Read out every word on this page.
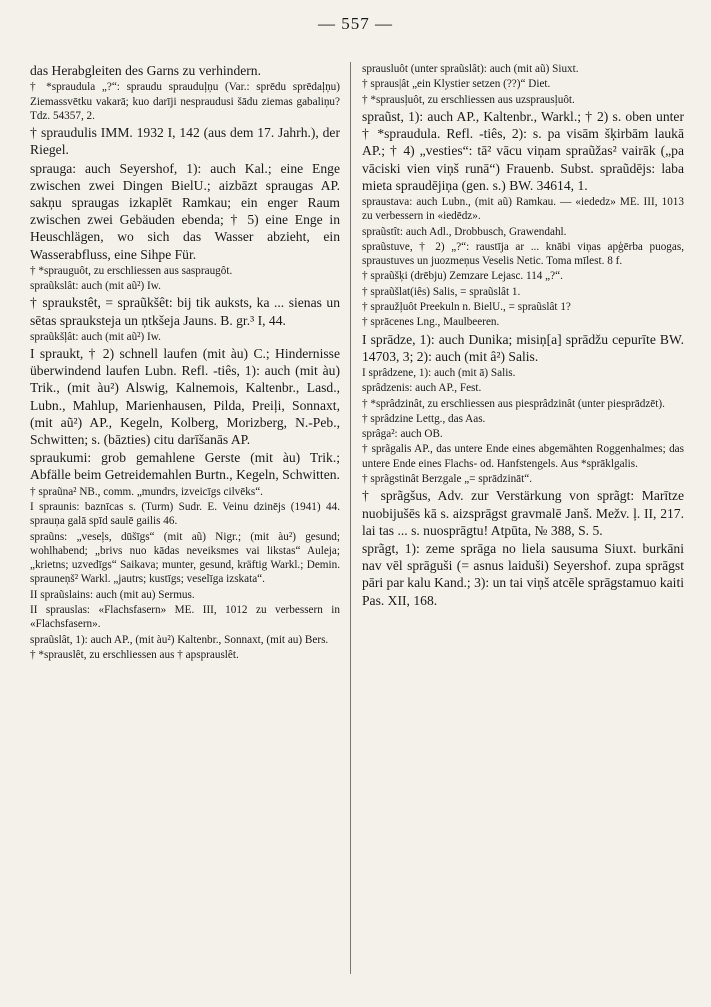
— 557 —
das Herabgleiten des Garns zu verhindern.
† *spraudula „?“: spraudu sprauduļņu (Var.: sprēdu sprēdaļņu) Ziemassvētku vakarā; kuo darīji nespraudusi šādu ziemas gabaliņu? Tdz. 54357, 2.
† spraudulis IMM. 1932 I, 142 (aus dem 17. Jahrh.), der Riegel.
sprauga: auch Seyershof, 1): auch Kal.; eine Enge zwischen zwei Dingen BielU.; aizbāzt spraugas AP. sakņu spraugas izkaplēt Ramkau; ein enger Raum zwischen zwei Gebäuden ebenda; † 5) eine Enge in Heuschlägen, wo sich das Wasser abzieht, ein Wasserabfluss, eine Sihpe Für.
† *sprauguôt, zu erschliessen aus saspraugôt.
spraũkslât: auch (mit aũ²) Iw.
† spraukstêt, = spraũkšêt: bij tik auksts, ka ... sienas un sētas sprauksteja un ņtkšeja Jauns. B. gr.³ I, 44.
spraũkšļât: auch (mit aũ²) Iw.
I spraukt, † 2) schnell laufen (mit àu) C.; Hindernisse überwindend laufen Lubn. Refl. -tiês, 1): auch (mit àu) Trik., (mit àu²) Alswig, Kalnemois, Kaltenbr., Lasd., Lubn., Mahlup, Marienhausen, Pilda, Preiļi, Sonnaxt, (mit aũ²) AP., Kegeln, Kolberg, Morizberg, N.-Peb., Schwitten; s. (bāzties) citu darīšanās AP.
spraukumi: grob gemahlene Gerste (mit àu) Trik.; Abfälle beim Getreidemahlen Burtn., Kegeln, Schwitten.
† spraũna² NB., comm. „mundrs, izveicīgs cilvēks“.
I spraunis: baznīcas s. (Turm) Sudr. E. Veinu dzinējs (1941) 44. sprauņa galā spīd saulē gailis 46.
spraũns: „veseļs, dūšīgs“ (mit aũ) Nigr.; (mit àu²) gesund; wohlhabend; „brivs nuo kādas neveiksmes vai likstas“ Auleja; „krietns; uzvedīgs“ Saikava; munter, gesund, kräftig Warkl.; Demin. sprauneņš² Warkl. „jautrs; kustīgs; veselīga izskata“.
II spraũslains: auch (mit au) Sermus.
II sprauslas: «Flachsfasern» ME. III, 1012 zu verbessern in «Flachsfasern».
spraũslât, 1): auch AP., (mit àu²) Kaltenbr., Sonnaxt, (mit au) Bers.
† *sprauslêt, zu erschliessen aus † apsprauslêt.
sprausluôt (unter spraũslât): auch (mit aũ) Siuxt.
† spraus|ât „ein Klystier setzen (??)“ Diet.
† *sprausļuôt, zu erschliessen aus uzsprausļuôt.
spraũst, 1): auch AP., Kaltenbr., Warkl.; † 2) s. oben unter † *spraudula. Refl. -tiês, 2): s. pa visām šķirbām laukā AP.; † 4) „vesties“: tā² vācu viņam spraũžas² vairāk („pa vāciski vien viņš runā“) Frauenb. Subst. spraũdējs: laba mieta spraudējiņa (gen. s.) BW. 34614, 1.
spraustava: auch Lubn., (mit aũ) Ramkau. — «iededz» ME. III, 1013 zu verbessern in «iedēdz».
spraũstît: auch Adl., Drobbusch, Grawendahl.
spraũstuve, † 2) „?“: raustīja ar ... knābi viņas apģērba puogas, spraustuves un juozmeņus Veselis Netic. Toma mīlest. 8 f.
† spraũšķi (drēbju) Zemzare Lejasc. 114 „?“.
† spraũšlat(iês) Salis, = spraũslât 1.
† spraužļuôt Preekuln n. BielU., = spraũslât 1?
† sprācenes Lng., Maulbeeren.
I sprādze, 1): auch Dunika; misiņ[a] sprādžu cepurīte BW. 14703, 3; 2): auch (mit â²) Salis.
I sprâdzene, 1): auch (mit ā) Salis.
sprâdzenis: auch AP., Fest.
† *sprâdzinât, zu erschliessen aus piesprâdzinât (unter piesprādzēt).
† sprâdzine Lettg., das Aas.
sprâga²: auch OB.
† sprãgalis AP., das untere Ende eines abgemähten Roggenhalmes; das untere Ende eines Flachs- od. Hanfstengels. Aus *sprāklgalis.
† sprãgstinât Berzgale „= sprādzināt“.
† sprãgšus, Adv. zur Verstärkung von sprãgt: Marītze nuobijušēs kā s. aizsprāgst gravmalē Janš. Mežv. ļ. II, 217. lai tas ... s. nuosprāgtu! Atpūta, № 388, S. 5.
sprãgt, 1): zeme sprāga no liela sausuma Siuxt. burkāni nav vēl sprāguši (= asnus laiduši) Seyershof. zupa sprāgst pāri par kalu Kand.; 3): un tai viņš atcēle sprāgstamuo kaiti Pas. XII, 168.
